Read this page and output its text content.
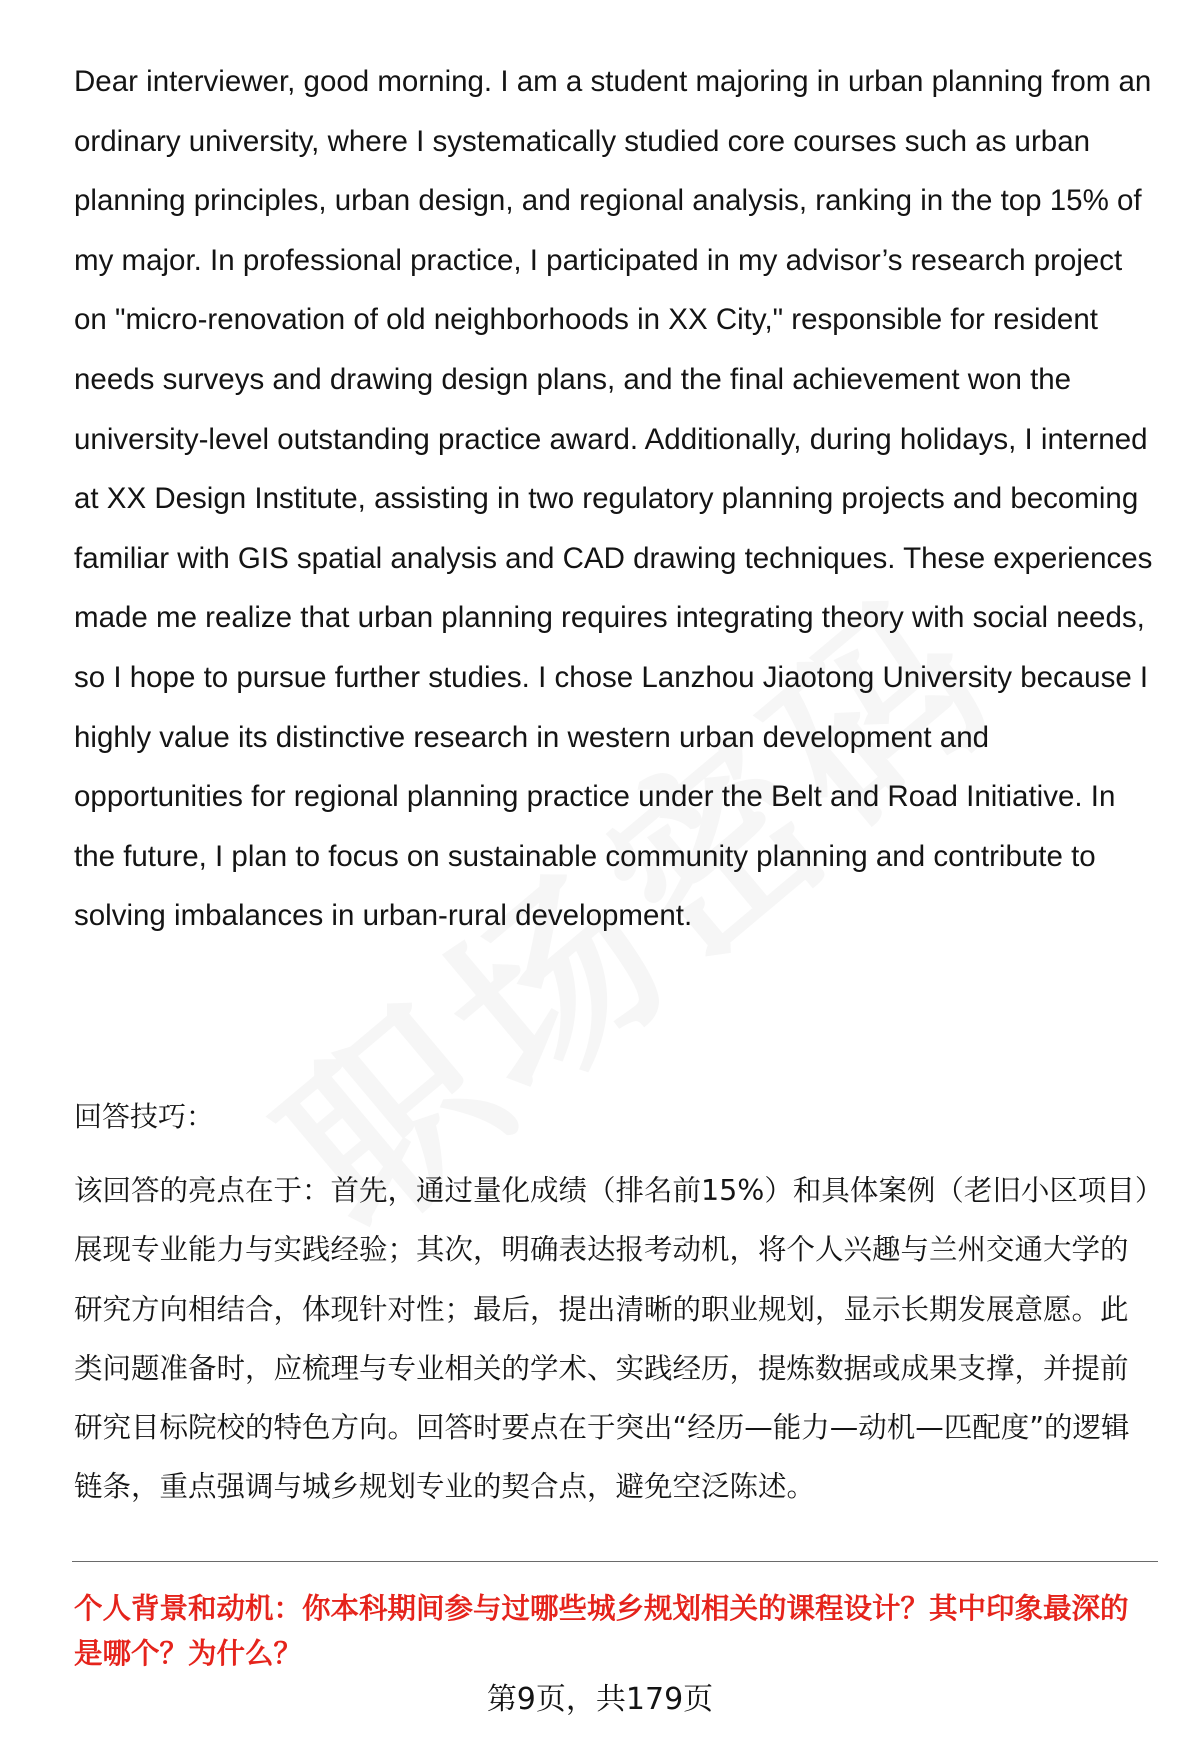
Dear interviewer, good morning. I am a student majoring in urban planning from an ordinary university, where I systematically studied core courses such as urban planning principles, urban design, and regional analysis, ranking in the top 15% of my major. In professional practice, I participated in my advisor’s research project on "micro-renovation of old neighborhoods in XX City," responsible for resident needs surveys and drawing design plans, and the final achievement won the university-level outstanding practice award. Additionally, during holidays, I interned at XX Design Institute, assisting in two regulatory planning projects and becoming familiar with GIS spatial analysis and CAD drawing techniques. These experiences made me realize that urban planning requires integrating theory with social needs, so I hope to pursue further studies. I chose Lanzhou Jiaotong University because I highly value its distinctive research in western urban development and opportunities for regional planning practice under the Belt and Road Initiative. In the future, I plan to focus on sustainable community planning and contribute to solving imbalances in urban-rural development.

回答技巧：

该回答的亮点在于：首先，通过量化成绩（排名前15%）和具体案例（老旧小区项目）展现专业能力与实践经验；其次，明确表达报考动机，将个人兴趣与兰州交通大学的研究方向相结合，体现针对性；最后，提出清晰的职业规划，显示长期发展意愿。此类问题准备时，应梳理与专业相关的学术、实践经历，提炼数据或成果支撑，并提前研究目标院校的特色方向。回答时要点在于突出“经历—能力—动机—匹配度”的逻辑链条，重点强调与城乡规划专业的契合点，避免空泛陈述。

个人背景和动机：你本科期间参与过哪些城乡规划相关的课程设计？其中印象最深的是哪个？为什么？

第9页，共179页
